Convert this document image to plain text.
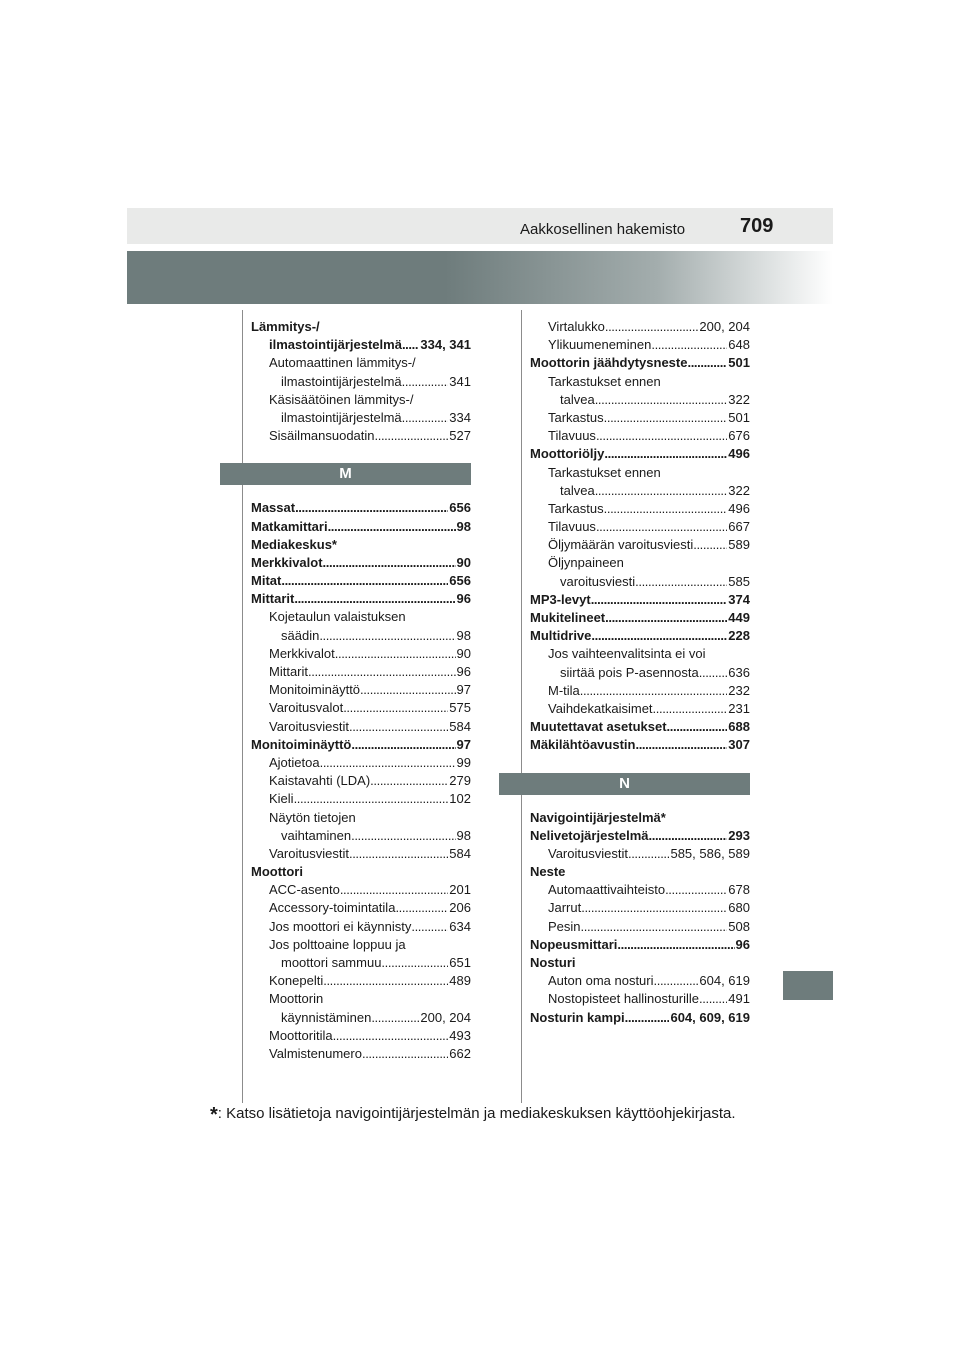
Aakkosellinen hakemisto	709
Lämmitys-/
ilmastointijärjestelmä . . . 334, 341
Automaattinen lämmitys-/
ilmastointijärjestelmä . . .	341
Käsisäätöinen lämmitys-/
ilmastointijärjestelmä . . .	334
Sisäilmansuodatin . . .	527
M
Massat . . .	656
Matkamittari . . .	98
Mediakeskus*
Merkkivalot . . .	90
Mitat . . .	656
Mittarit . . .	96
Kojetaulun valaistuksen
säädin . . .	98
Merkkivalot . . .	90
Mittarit . . .	96
Monitoiminäyttö . . .	97
Varoitusvalot . . .	575
Varoitusviestit . . .	584
Monitoiminäyttö . . .	97
Ajotietoa . . .	99
Kaistavahti (LDA) . . .	279
Kieli . . .	102
Näytön tietojen
vaihtaminen . . .	98
Varoitusviestit . . .	584
Moottori
ACC-asento . . .	201
Accessory-toimintatila . . .	206
Jos moottori ei käynnisty . . .	634
Jos polttoaine loppuu ja
moottori sammuu . . .	651
Konepelti . . .	489
Moottorin
käynnistäminen . . .	200, 204
Moottoritila . . .	493
Valmistenumero . . .	662
Virtalukko . . .	200, 204
Ylikuumeneminen . . .	648
Moottorin jäähdytysneste . . .	501
Tarkastukset ennen
talvea . . .	322
Tarkastus . . .	501
Tilavuus . . .	676
Moottoriöljy . . .	496
Tarkastukset ennen
talvea . . .	322
Tarkastus . . .	496
Tilavuus . . .	667
Öljymäärän varoitusviesti . . .	589
Öljynpaineen
varoitusviesti . . .	585
MP3-levyt . . .	374
Mukitelineet . . .	449
Multidrive . . .	228
Jos vaihteenvalitsinta ei voi
siirtää pois P-asennosta . . . 636
M-tila . . .	232
Vaihdekatkaisimet . . .	231
Muutettavat asetukset . . .	688
Mäkilähtöavustin . . .	307
N
Navigointijärjestelmä*
Nelivetojärjestelmä . . .	293
Varoitusviestit . . .	585, 586, 589
Neste
Automaattivaihteisto . . .	678
Jarrut . . .	680
Pesin . . .	508
Nopeusmittari . . .	96
Nosturi
Auton oma nosturi . . .	604, 619
Nostopisteet hallinosturille . . . 491
Nosturin kampi . . .	604, 609, 619
*: Katso lisätietoja navigointijärjestelmän ja mediakeskuksen käyttöohjekirjasta.
